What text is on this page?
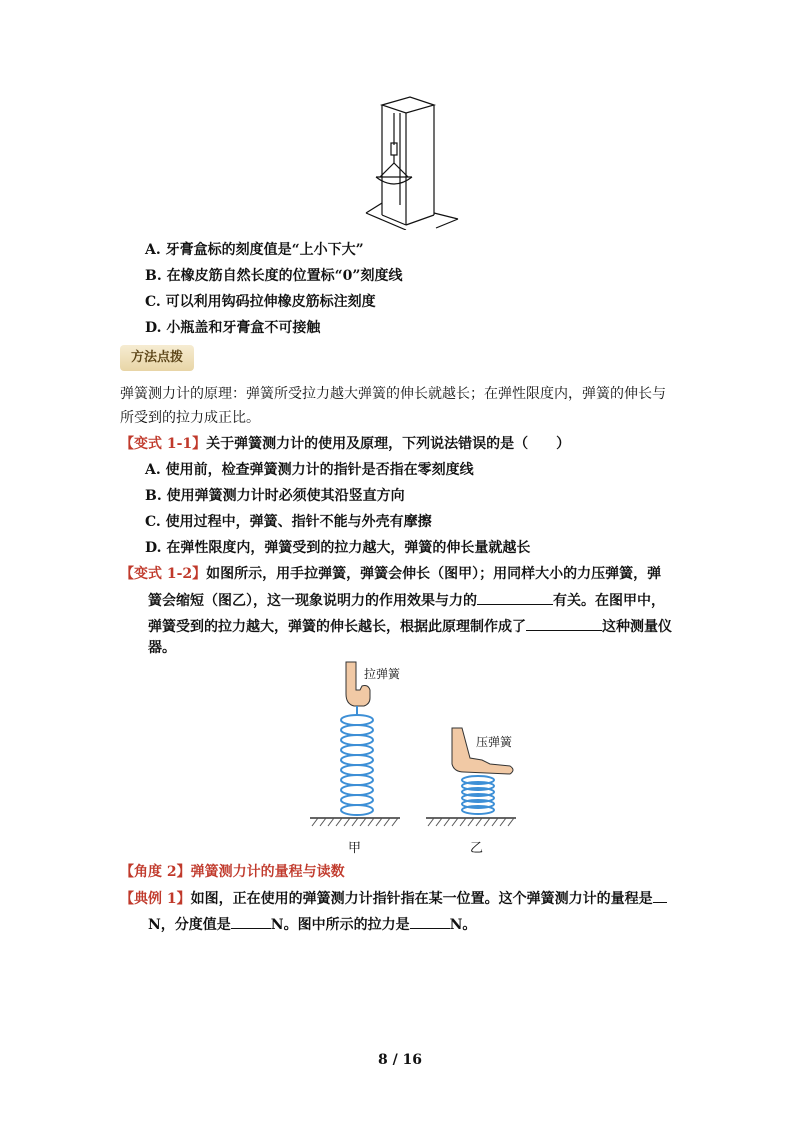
A. 牙膏盒标的刻度值是“上小下大”
B. 在橡皮筋自然长度的位置标“0”刻度线
C. 可以利用钩码拉伸橡皮筋标注刻度
D. 小瓶盖和牙膏盒不可接触
方法点拨
弹簧测力计的原理：弹簧所受拉力越大弹簧的伸长就越长；在弹性限度内，弹簧的伸长与
所受到的拉力成正比。
【变式 1-1】关于弹簧测力计的使用及原理，下列说法错误的是（　　）
A. 使用前，检查弹簧测力计的指针是否指在零刻度线
B. 使用弹簧测力计时必须使其沿竖直方向
C. 使用过程中，弹簧、指针不能与外壳有摩擦
D. 在弹性限度内，弹簧受到的拉力越大，弹簧的伸长量就越长
【变式 1-2】如图所示，用手拉弹簧，弹簧会伸长（图甲）；用同样大小的力压弹簧，弹
簧会缩短（图乙），这一现象说明力的作用效果与力的	有关。在图甲中，
弹簧受到的拉力越大，弹簧的伸长越长，根据此原理制作成了	这种测量仪
器。
拉弹簧
压弹簧
甲	乙
【角度 2】弹簧测力计的量程与读数
【典例 1】如图，正在使用的弹簧测力计指针指在某一位置。这个弹簧测力计的量程是
N，分度值是	N。图中所示的拉力是	N。
8 / 16
